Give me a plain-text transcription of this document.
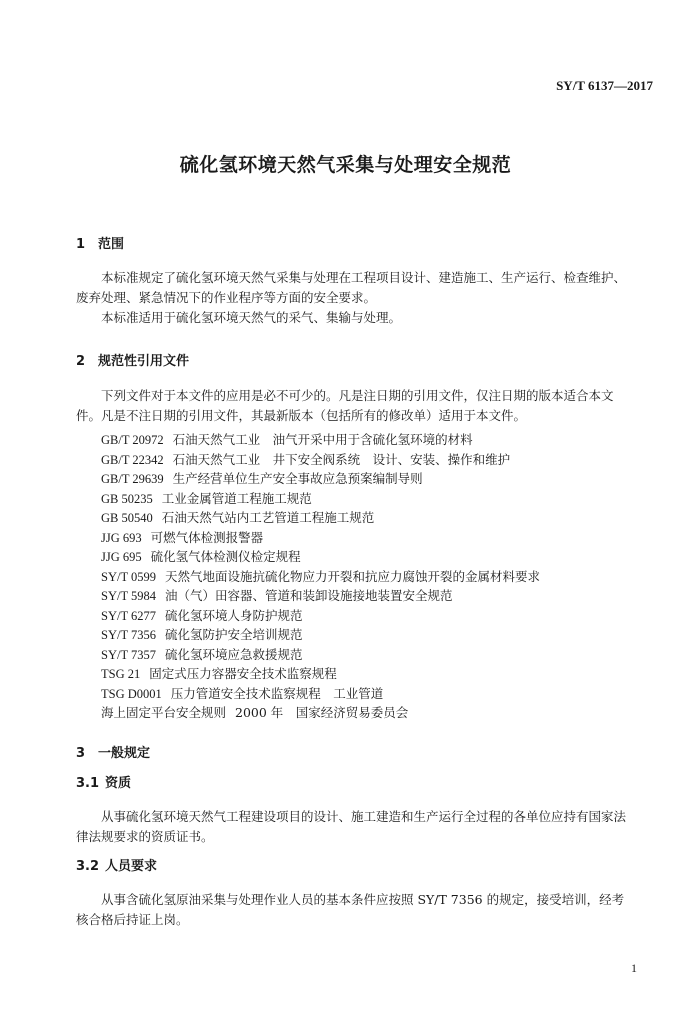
SY/T 6137—2017
硫化氢环境天然气采集与处理安全规范
1 范围
本标准规定了硫化氢环境天然气采集与处理在工程项目设计、建造施工、生产运行、检查维护、
废弃处理、紧急情况下的作业程序等方面的安全要求。
本标准适用于硫化氢环境天然气的采气、集输与处理。
2 规范性引用文件
下列文件对于本文件的应用是必不可少的。凡是注日期的引用文件，仅注日期的版本适合本文
件。凡是不注日期的引用文件，其最新版本（包括所有的修改单）适用于本文件。
GB/T 20972 石油天然气工业　油气开采中用于含硫化氢环境的材料
GB/T 22342 石油天然气工业　井下安全阀系统　设计、安装、操作和维护
GB/T 29639 生产经营单位生产安全事故应急预案编制导则
GB 50235 工业金属管道工程施工规范
GB 50540 石油天然气站内工艺管道工程施工规范
JJG 693 可燃气体检测报警器
JJG 695 硫化氢气体检测仪检定规程
SY/T 0599 天然气地面设施抗硫化物应力开裂和抗应力腐蚀开裂的金属材料要求
SY/T 5984 油（气）田容器、管道和装卸设施接地装置安全规范
SY/T 6277 硫化氢环境人身防护规范
SY/T 7356 硫化氢防护安全培训规范
SY/T 7357 硫化氢环境应急救援规范
TSG 21 固定式压力容器安全技术监察规程
TSG D0001 压力管道安全技术监察规程　工业管道
海上固定平台安全规则 2000 年　国家经济贸易委员会
3 一般规定
3.1 资质
从事硫化氢环境天然气工程建设项目的设计、施工建造和生产运行全过程的各单位应持有国家法
律法规要求的资质证书。
3.2 人员要求
从事含硫化氢原油采集与处理作业人员的基本条件应按照 SY/T 7356 的规定，接受培训，经考
核合格后持证上岗。
1
